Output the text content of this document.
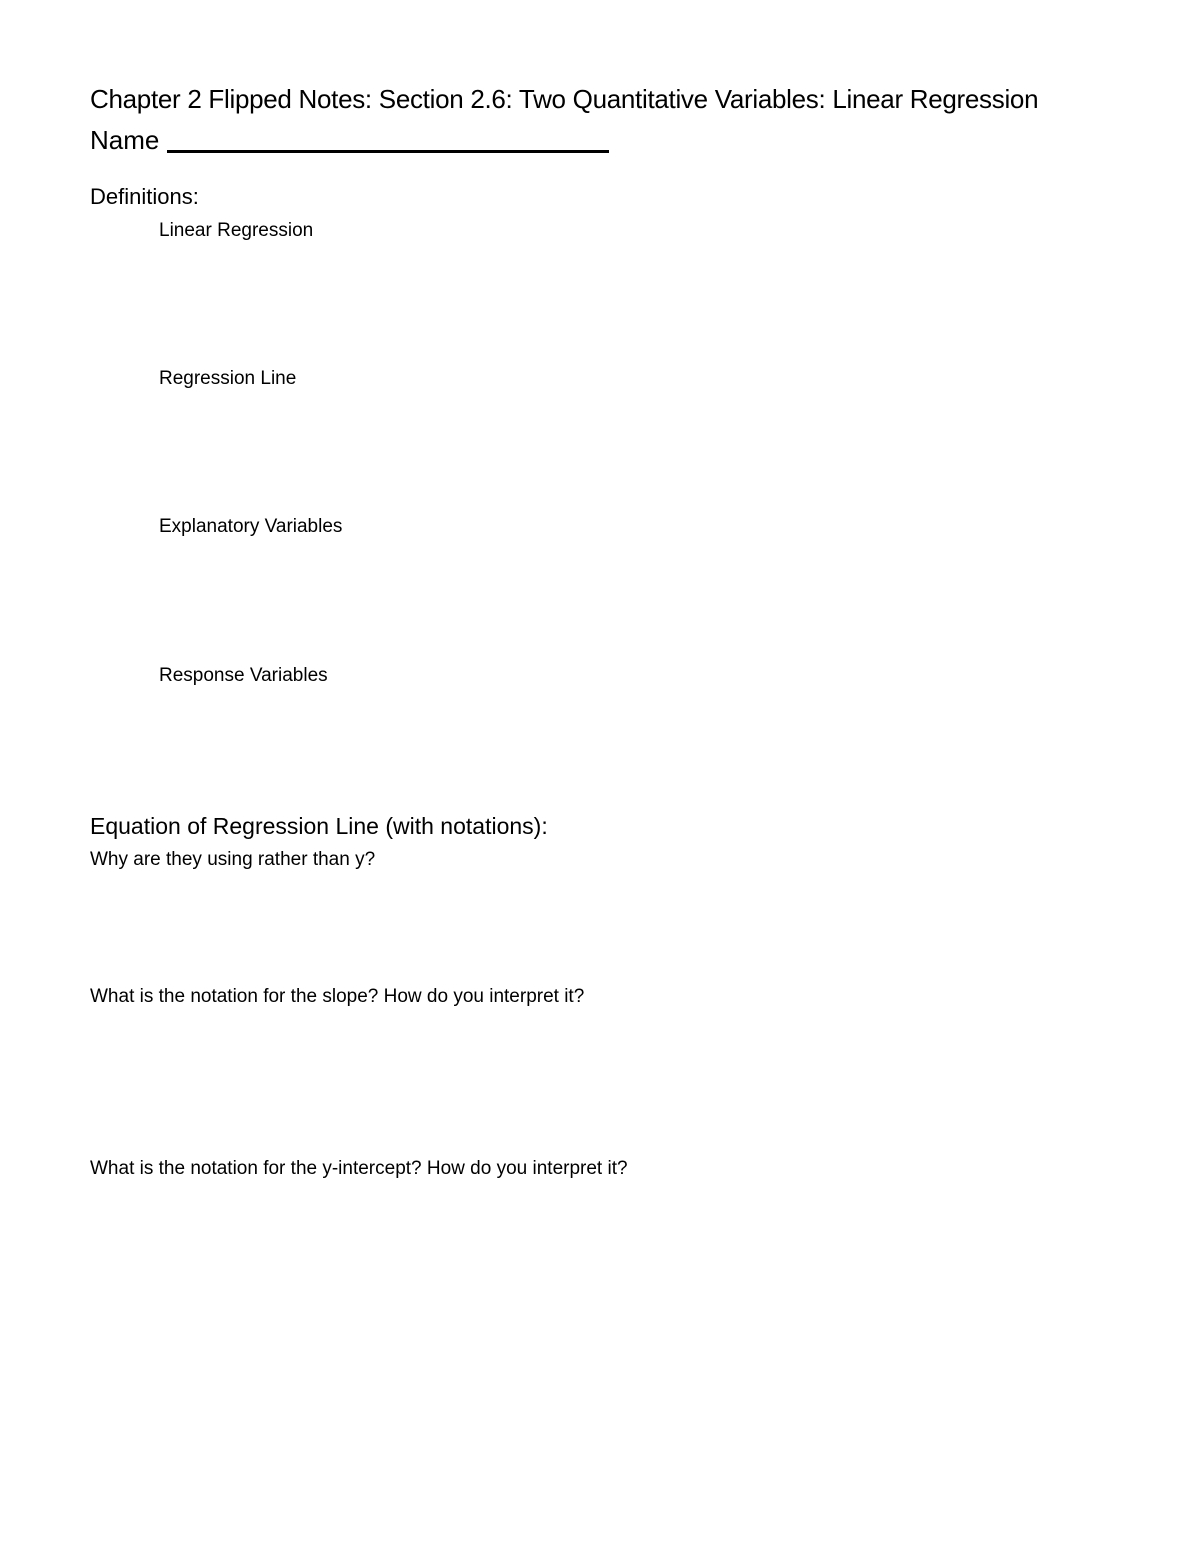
Chapter 2 Flipped Notes: Section 2.6: Two Quantitative Variables: Linear Regression
Name
Definitions:
Linear Regression
Regression Line
Explanatory Variables
Response Variables
Equation of Regression Line (with notations):
Why are they using rather than y?
What is the notation for the slope? How do you interpret it?
What is the notation for the y-intercept? How do you interpret it?
